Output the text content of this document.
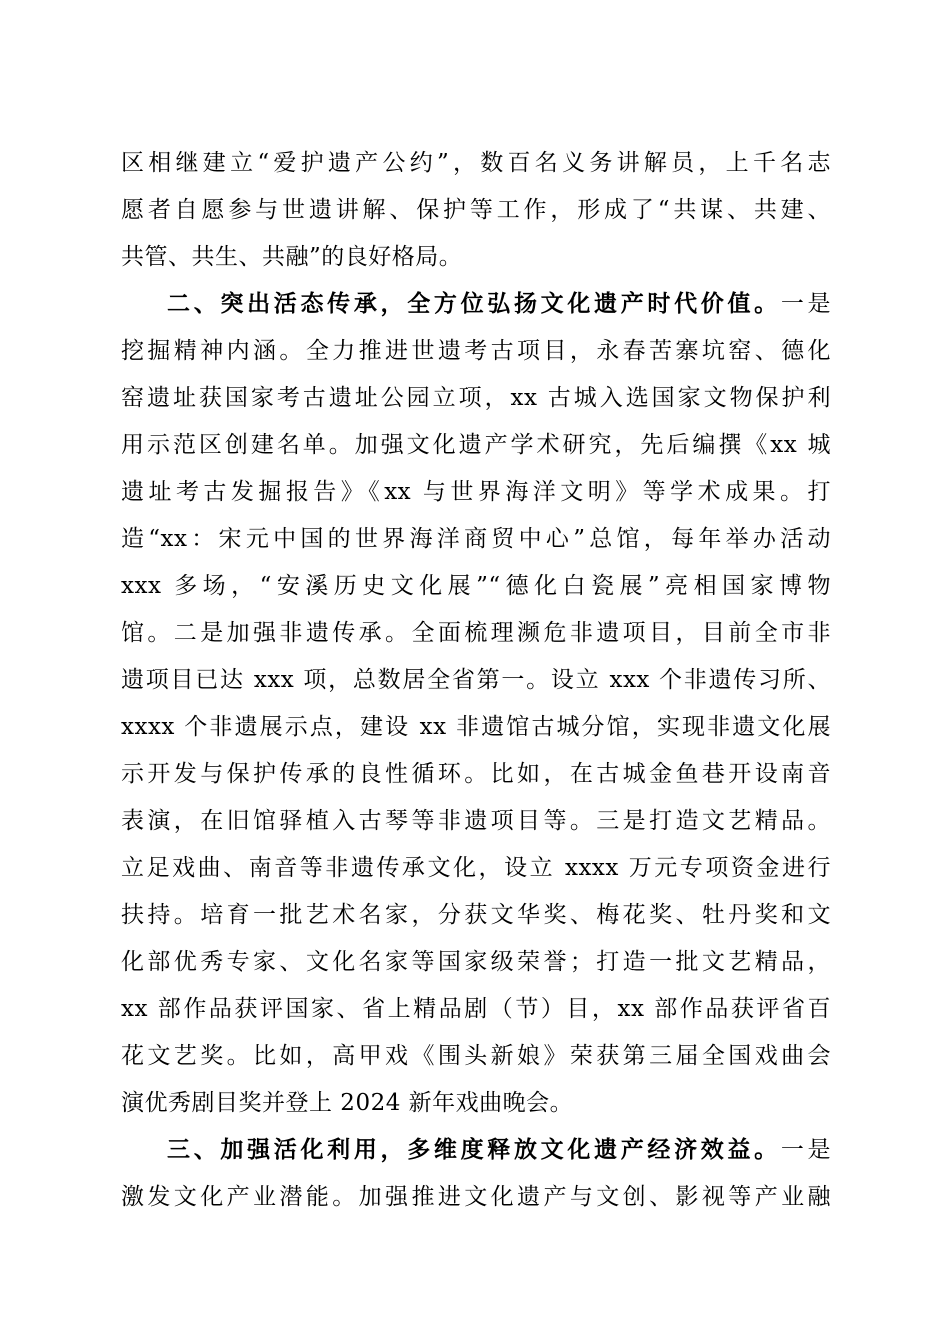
区相继建立“爱护遗产公约”，数百名义务讲解员，上千名志
愿者自愿参与世遗讲解、保护等工作，形成了“共谋、共建、
共管、共生、共融”的良好格局。
二、突出活态传承，全方位弘扬文化遗产时代价值。一是
挖掘精神内涵。全力推进世遗考古项目，永春苦寨坑窑、德化
窑遗址获国家考古遗址公园立项，xx 古城入选国家文物保护利
用示范区创建名单。加强文化遗产学术研究，先后编撰《xx 城
遗址考古发掘报告》《xx 与世界海洋文明》等学术成果。打
造“xx：宋元中国的世界海洋商贸中心”总馆，每年举办活动
xxx 多场，“安溪历史文化展”“德化白瓷展”亮相国家博物
馆。二是加强非遗传承。全面梳理濒危非遗项目，目前全市非
遗项目已达 xxx 项，总数居全省第一。设立 xxx 个非遗传习所、
xxxx 个非遗展示点，建设 xx 非遗馆古城分馆，实现非遗文化展
示开发与保护传承的良性循环。比如，在古城金鱼巷开设南音
表演，在旧馆驿植入古琴等非遗项目等。三是打造文艺精品。
立足戏曲、南音等非遗传承文化，设立 xxxx 万元专项资金进行
扶持。培育一批艺术名家，分获文华奖、梅花奖、牡丹奖和文
化部优秀专家、文化名家等国家级荣誉；打造一批文艺精品，
xx 部作品获评国家、省上精品剧（节）目，xx 部作品获评省百
花文艺奖。比如，高甲戏《围头新娘》荣获第三届全国戏曲会
演优秀剧目奖并登上 2024 新年戏曲晚会。
三、加强活化利用，多维度释放文化遗产经济效益。一是
激发文化产业潜能。加强推进文化遗产与文创、影视等产业融
